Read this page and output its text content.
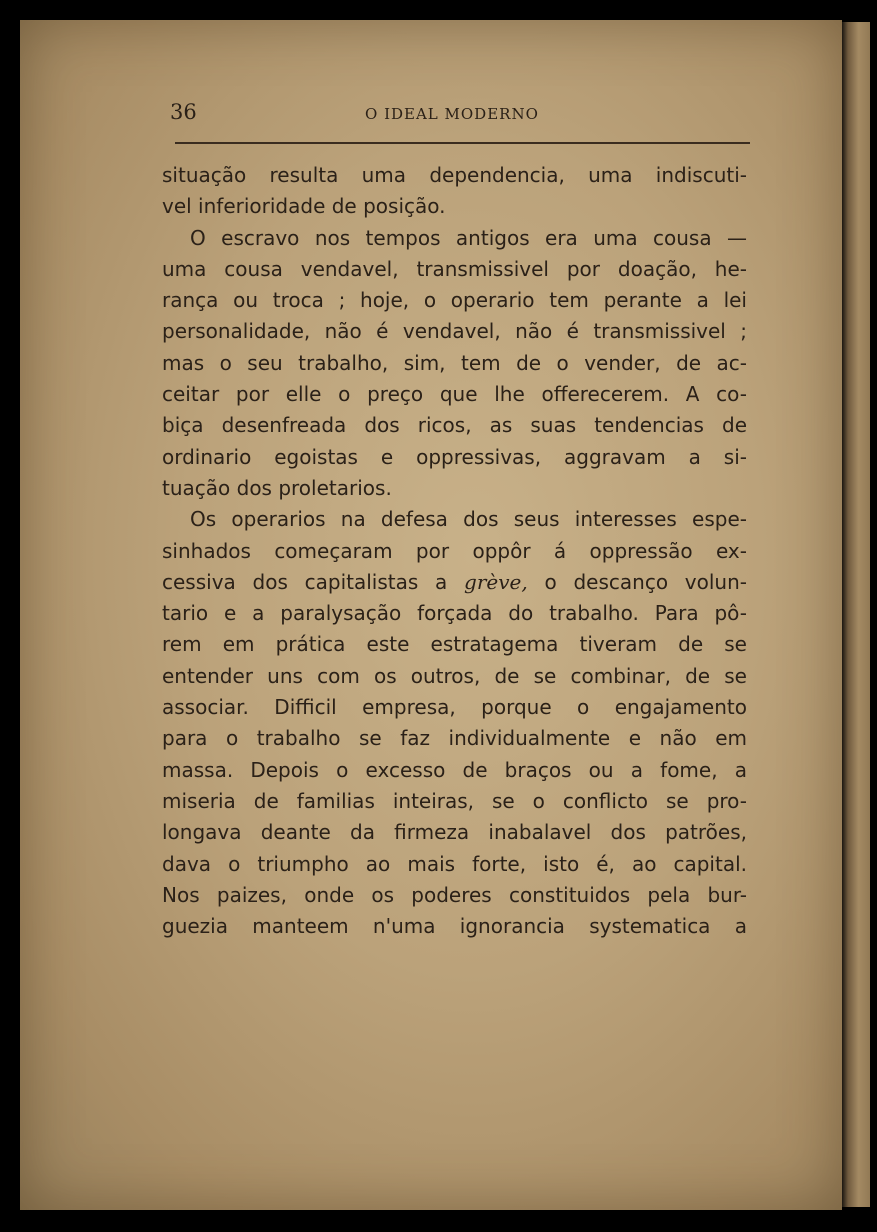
36	O IDEAL MODERNO
situação resulta uma dependencia, uma indiscuti-
vel inferioridade de posição.
O escravo nos tempos antigos era uma cousa —
uma cousa vendavel, transmissivel por doação, he-
rança ou troca ; hoje, o operario tem perante a lei
personalidade, não é vendavel, não é transmissivel ;
mas o seu trabalho, sim, tem de o vender, de ac-
ceitar por elle o preço que lhe offerecerem. A co-
biça desenfreada dos ricos, as suas tendencias de
ordinario egoistas e oppressivas, aggravam a si-
tuação dos proletarios.
Os operarios na defesa dos seus interesses espe-
sinhados começaram por oppôr á oppressão ex-
cessiva dos capitalistas a grève, o descanço volun-
tario e a paralysação forçada do trabalho. Para pô-
rem em prática este estratagema tiveram de se
entender uns com os outros, de se combinar, de se
associar. Difficil empresa, porque o engajamento
para o trabalho se faz individualmente e não em
massa. Depois o excesso de braços ou a fome, a
miseria de familias inteiras, se o conflicto se pro-
longava deante da firmeza inabalavel dos patrões,
dava o triumpho ao mais forte, isto é, ao capital.
Nos paizes, onde os poderes constituidos pela bur-
guezia manteem n'uma ignorancia systematica a
